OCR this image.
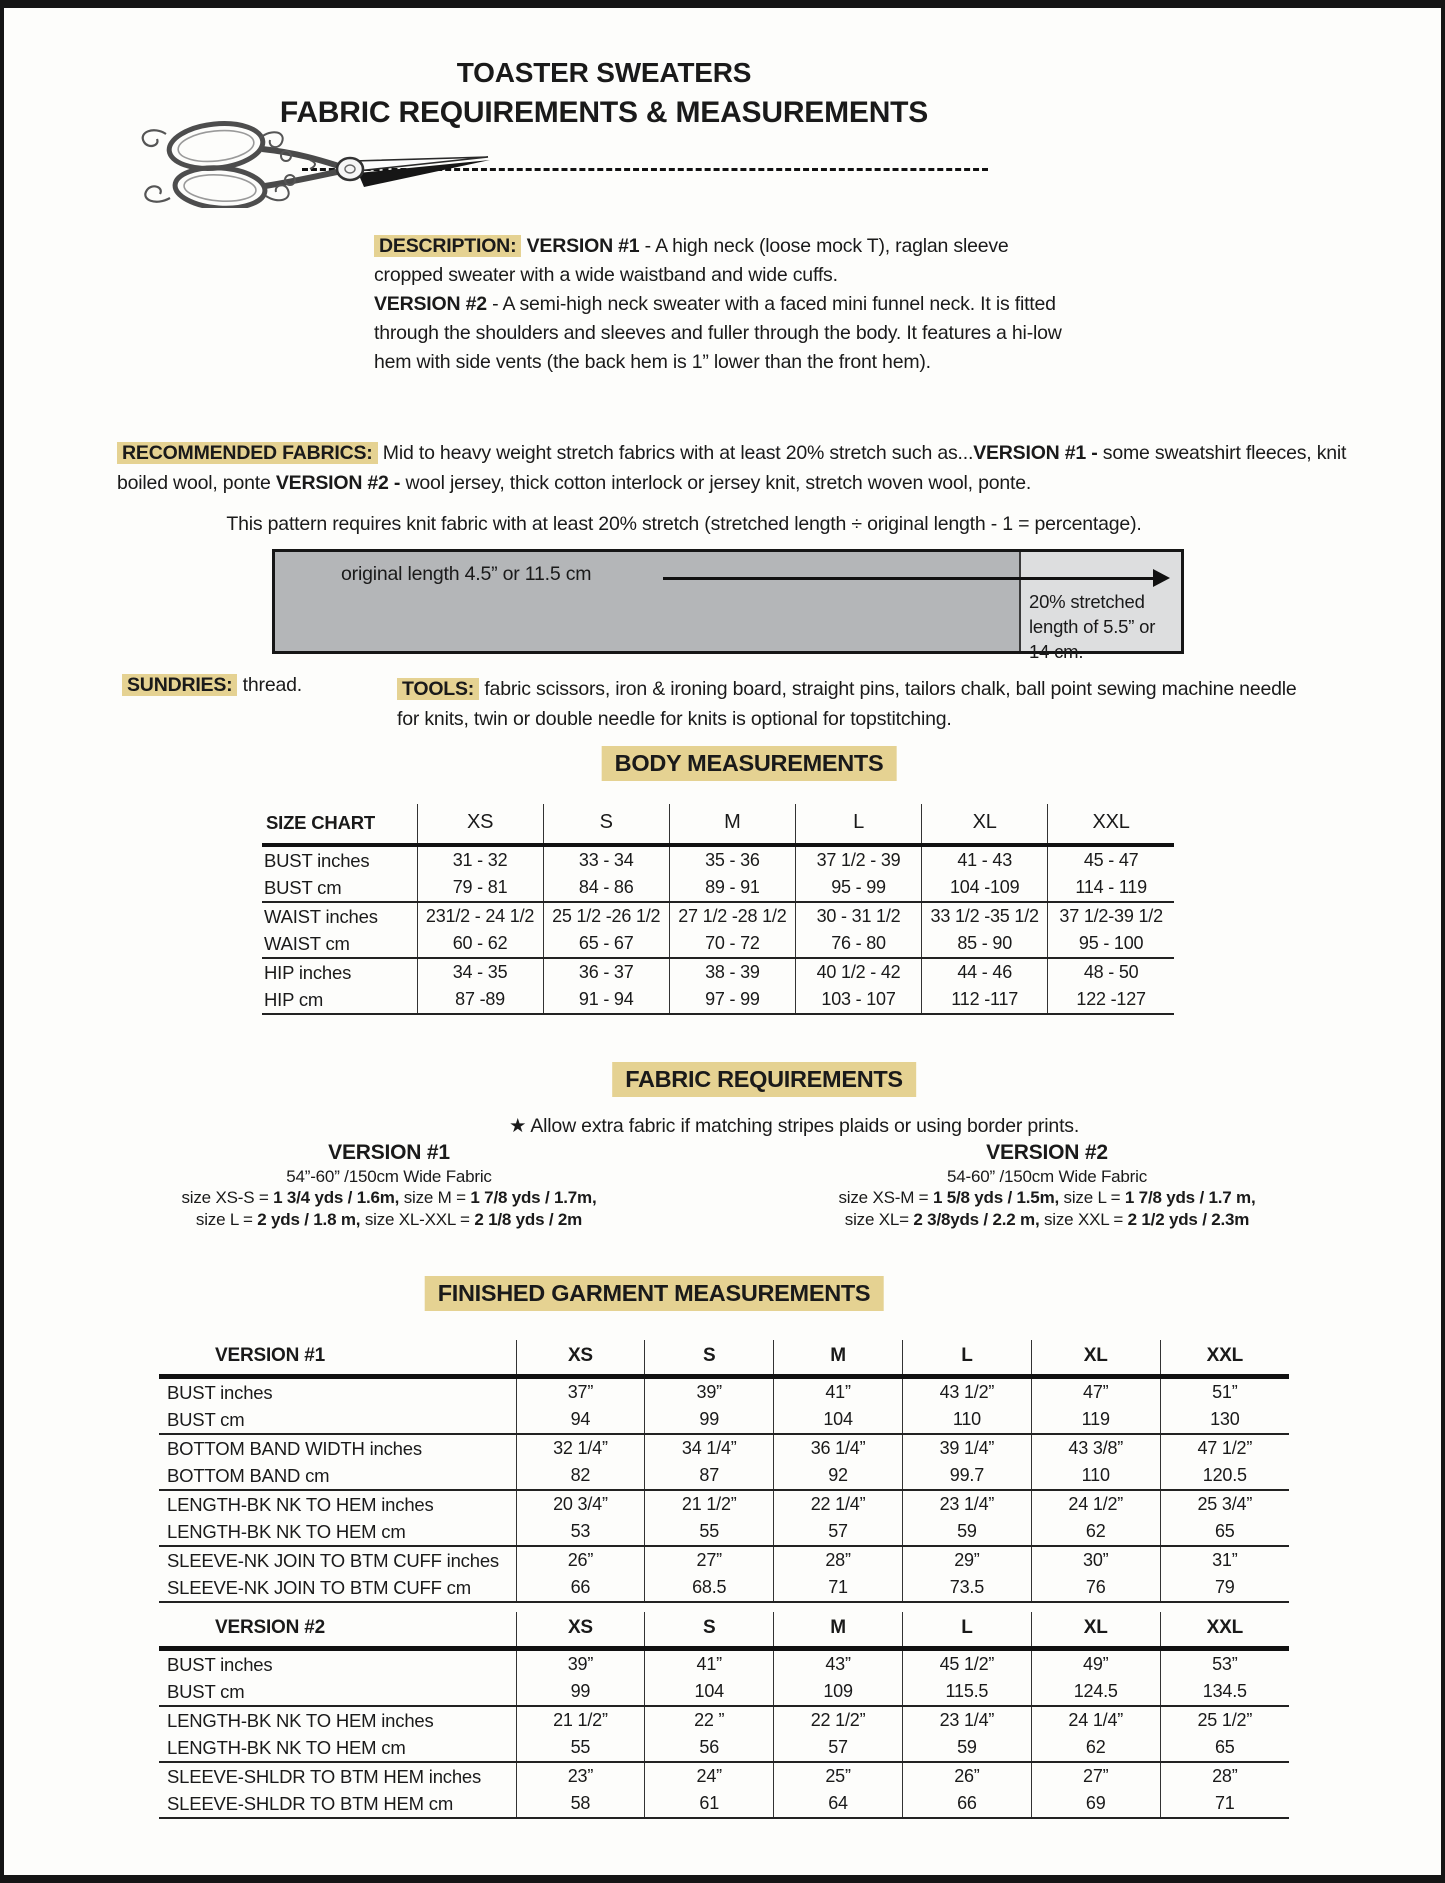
TOASTER SWEATERS
FABRIC REQUIREMENTS & MEASUREMENTS

DESCRIPTION: VERSION #1 - A high neck (loose mock T), raglan sleeve cropped sweater with a wide waistband and wide cuffs.
VERSION #2 - A semi-high neck sweater with a faced mini funnel neck. It is fitted through the shoulders and sleeves and fuller through the body. It features a hi-low hem with side vents (the back hem is 1” lower than the front hem).

RECOMMENDED FABRICS: Mid to heavy weight stretch fabrics with at least 20% stretch such as...VERSION #1 - some sweatshirt fleeces, knit boiled wool, ponte VERSION #2 - wool jersey, thick cotton interlock or jersey knit, stretch woven wool, ponte.

This pattern requires knit fabric with at least 20% stretch (stretched length ÷ original length - 1 = percentage).

20% stretched
length of 5.5” or
14 cm.
original length 4.5” or 11.5 cm

SUNDRIES: thread.	TOOLS: fabric scissors, iron & ironing board, straight pins, tailors chalk, ball point sewing machine needle for knits, twin or double needle for knits is optional for topstitching.

BODY MEASUREMENTS
SIZE CHART	XS	S	M	L	XL	XXL
BUST inches	31 - 32	33 - 34	35 - 36	37 1/2 - 39	41 - 43	45 - 47
BUST cm	79 - 81	84 - 86	89 - 91	95 - 99	104 -109	114 - 119
WAIST inches	231/2 - 24 1/2	25 1/2 -26 1/2	27 1/2 -28 1/2	30 - 31 1/2	33 1/2 -35 1/2	37 1/2-39 1/2
WAIST cm	60 - 62	65 - 67	70 - 72	76 - 80	85 - 90	95 - 100
HIP inches	34 - 35	36 - 37	38 - 39	40 1/2 - 42	44 - 46	48 - 50
HIP cm	87 -89	91 - 94	97 - 99	103 - 107	112 -117	122 -127
FABRIC REQUIREMENTS

★ Allow extra fabric if matching stripes plaids or using border prints.

VERSION #1
54”-60” /150cm Wide Fabric
size XS-S = 1 3/4 yds / 1.6m, size M = 1 7/8 yds / 1.7m,
size L = 2 yds / 1.8 m, size XL-XXL = 2 1/8 yds / 2m
VERSION #2
54-60” /150cm Wide Fabric
size XS-M = 1 5/8 yds / 1.5m, size L = 1 7/8 yds / 1.7 m,
size XL= 2 3/8yds / 2.2 m, size XXL = 2 1/2 yds / 2.3m
FINISHED GARMENT MEASUREMENTS
VERSION #1	XS	S	M	L	XL	XXL
BUST inches	37”	39”	41”	43 1/2”	47”	51”
BUST cm	94	99	104	110	119	130
BOTTOM BAND WIDTH inches	32 1/4”	34 1/4”	36 1/4”	39 1/4”	43 3/8”	47 1/2”
BOTTOM BAND cm	82	87	92	99.7	110	120.5
LENGTH-BK NK TO HEM inches	20 3/4”	21 1/2”	22 1/4”	23 1/4”	24 1/2”	25 3/4”
LENGTH-BK NK TO HEM cm	53	55	57	59	62	65
SLEEVE-NK JOIN TO BTM CUFF inches	26”	27”	28”	29”	30”	31”
SLEEVE-NK JOIN TO BTM CUFF cm	66	68.5	71	73.5	76	79
VERSION #2	XS	S	M	L	XL	XXL
BUST inches	39”	41”	43”	45 1/2”	49”	53”
BUST cm	99	104	109	115.5	124.5	134.5
LENGTH-BK NK TO HEM inches	21 1/2”	22 ”	22 1/2”	23 1/4”	24 1/4”	25 1/2”
LENGTH-BK NK TO HEM cm	55	56	57	59	62	65
SLEEVE-SHLDR TO BTM HEM inches	23”	24”	25”	26”	27”	28”
SLEEVE-SHLDR TO BTM HEM cm	58	61	64	66	69	71
